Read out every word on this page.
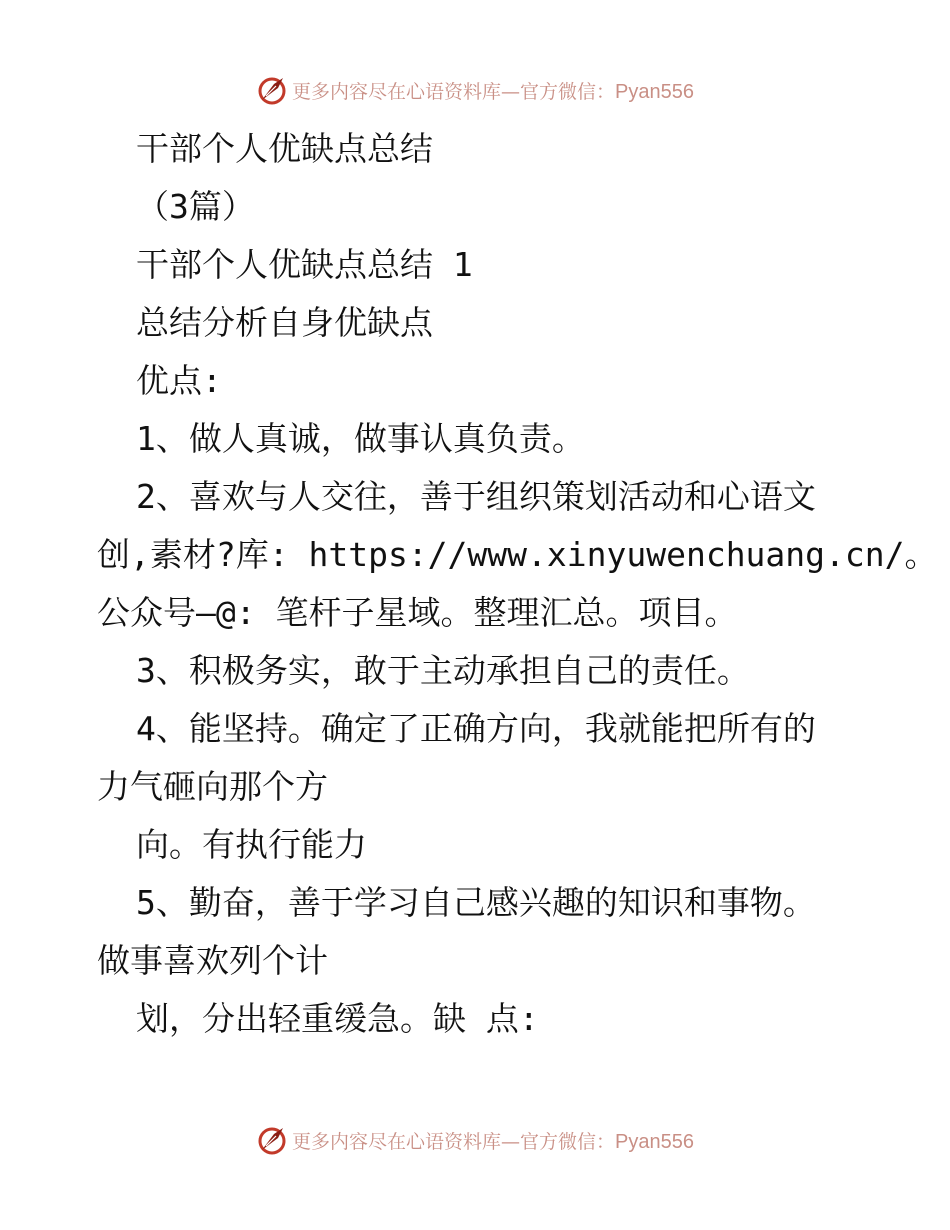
更多内容尽在心语资料库—官方微信：Pyan556
干部个人优缺点总结
（3篇）
干部个人优缺点总结 1
总结分析自身优缺点
优点:
1、做人真诚，做事认真负责。
2、喜欢与人交往，善于组织策划活动和心语文
创,素材?库: https://www.xinyuwenchuang.cn/。
公众号—@: 笔杆子星域。整理汇总。项目。
3、积极务实，敢于主动承担自己的责任。
4、能坚持。确定了正确方向，我就能把所有的
力气砸向那个方
向。有执行能力
5、勤奋，善于学习自己感兴趣的知识和事物。
做事喜欢列个计
划，分出轻重缓急。缺 点:
更多内容尽在心语资料库—官方微信：Pyan556
